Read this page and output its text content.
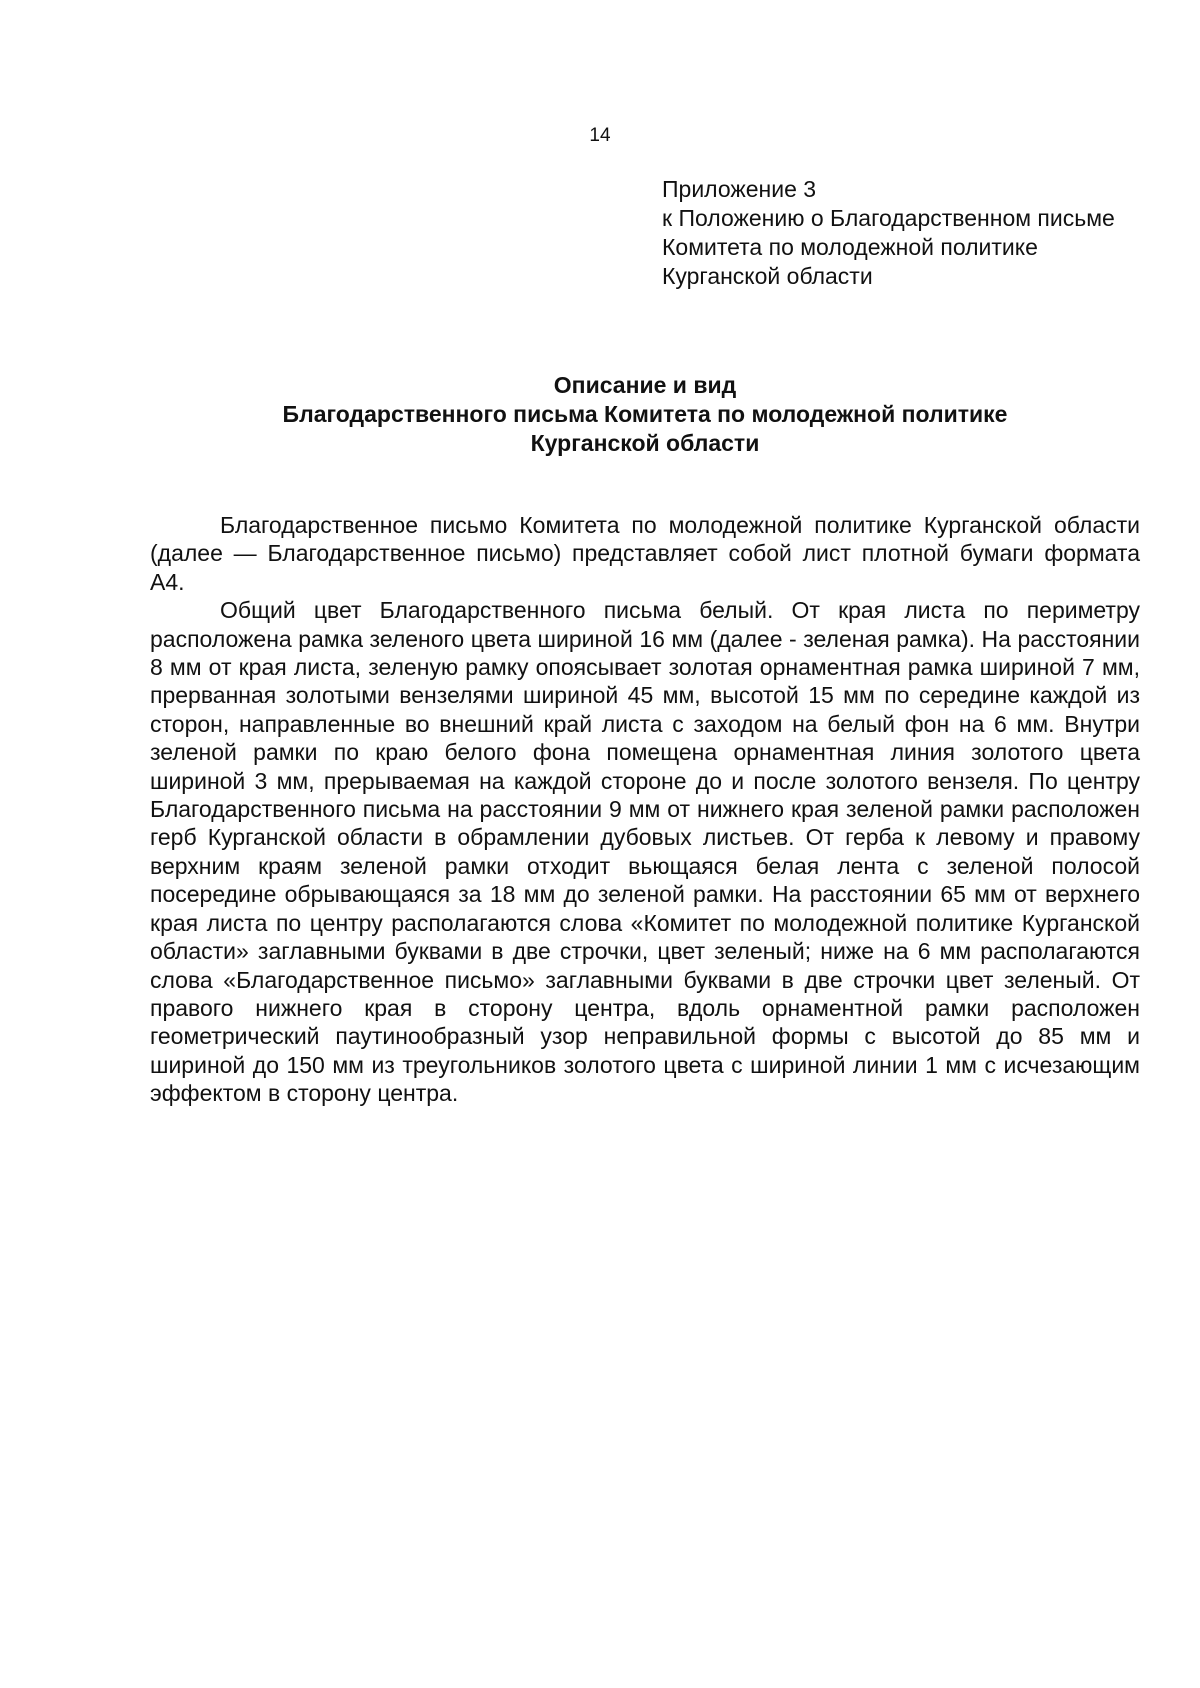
14
Приложение 3
к Положению о Благодарственном письме
Комитета по молодежной политике
Курганской области
Описание и вид
Благодарственного письма Комитета по молодежной политике
Курганской области

Благодарственное письмо Комитета по молодежной политике Курганской области (далее — Благодарственное письмо) представляет собой лист плотной бумаги формата А4.

Общий цвет Благодарственного письма белый. От края листа по периметру расположена рамка зеленого цвета шириной 16 мм (далее - зеленая рамка). На расстоянии 8 мм от края листа, зеленую рамку опоясывает золотая орнаментная рамка шириной 7 мм, прерванная золотыми вензелями шириной 45 мм, высотой 15 мм по середине каждой из сторон, направленные во внешний край листа с заходом на белый фон на 6 мм. Внутри зеленой рамки по краю белого фона помещена орнаментная линия золотого цвета шириной 3 мм, прерываемая на каждой стороне до и после золотого вензеля. По центру Благодарственного письма на расстоянии 9 мм от нижнего края зеленой рамки расположен герб Курганской области в обрамлении дубовых листьев. От герба к левому и правому верхним краям зеленой рамки отходит вьющаяся белая лента с зеленой полосой посередине обрывающаяся за 18 мм до зеленой рамки. На расстоянии 65 мм от верхнего края листа по центру располагаются слова «Комитет по молодежной политике Курганской области» заглавными буквами в две строчки, цвет зеленый; ниже на 6 мм располагаются слова «Благодарственное письмо» заглавными буквами в две строчки цвет зеленый. От правого нижнего края в сторону центра, вдоль орнаментной рамки расположен геометрический паутинообразный узор неправильной формы с высотой до 85 мм и шириной до 150 мм из треугольников золотого цвета с шириной линии 1 мм с исчезающим эффектом в сторону центра.
